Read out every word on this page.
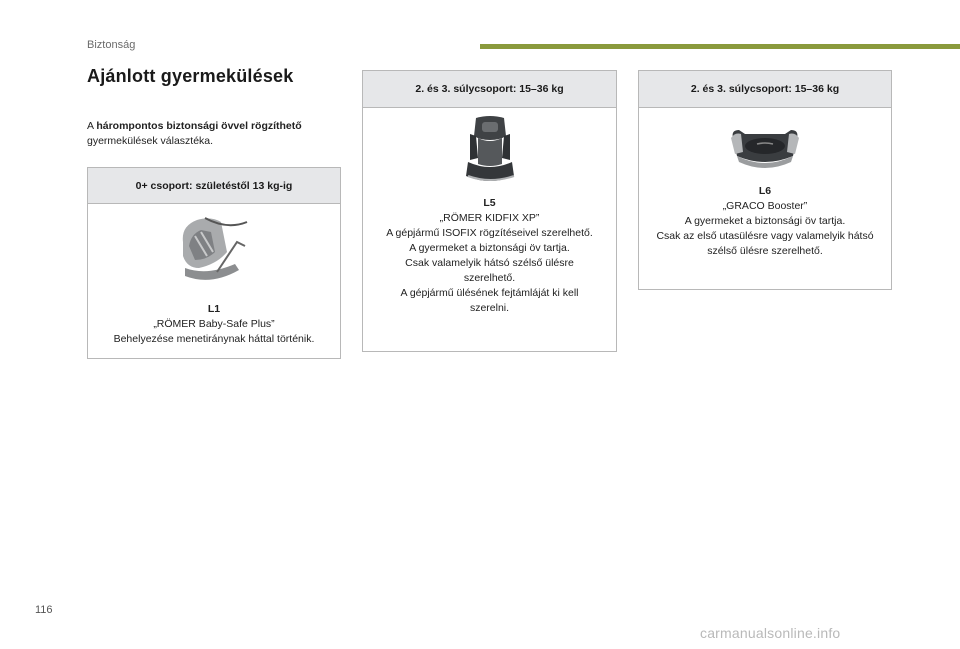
Biztonság
Ajánlott gyermekülések
A hárompontos biztonsági övvel rögzíthető gyermekülések választéka.
0+ csoport: születéstől 13 kg-ig
L1
„RÖMER Baby-Safe Plus”
Behelyezése menetiránynak háttal történik.
2. és 3. súlycsoport: 15–36 kg
L5
„RÖMER KIDFIX XP”
A gépjármű ISOFIX rögzítéseivel szerelhető.
A gyermeket a biztonsági öv tartja.
Csak valamelyik hátsó szélső ülésre szerelhető.
A gépjármű ülésének fejtámláját ki kell szerelni.
2. és 3. súlycsoport: 15–36 kg
L6
„GRACO Booster”
A gyermeket a biztonsági öv tartja.
Csak az első utasülésre vagy valamelyik hátsó szélső ülésre szerelhető.
116
carmanualsonline.info
